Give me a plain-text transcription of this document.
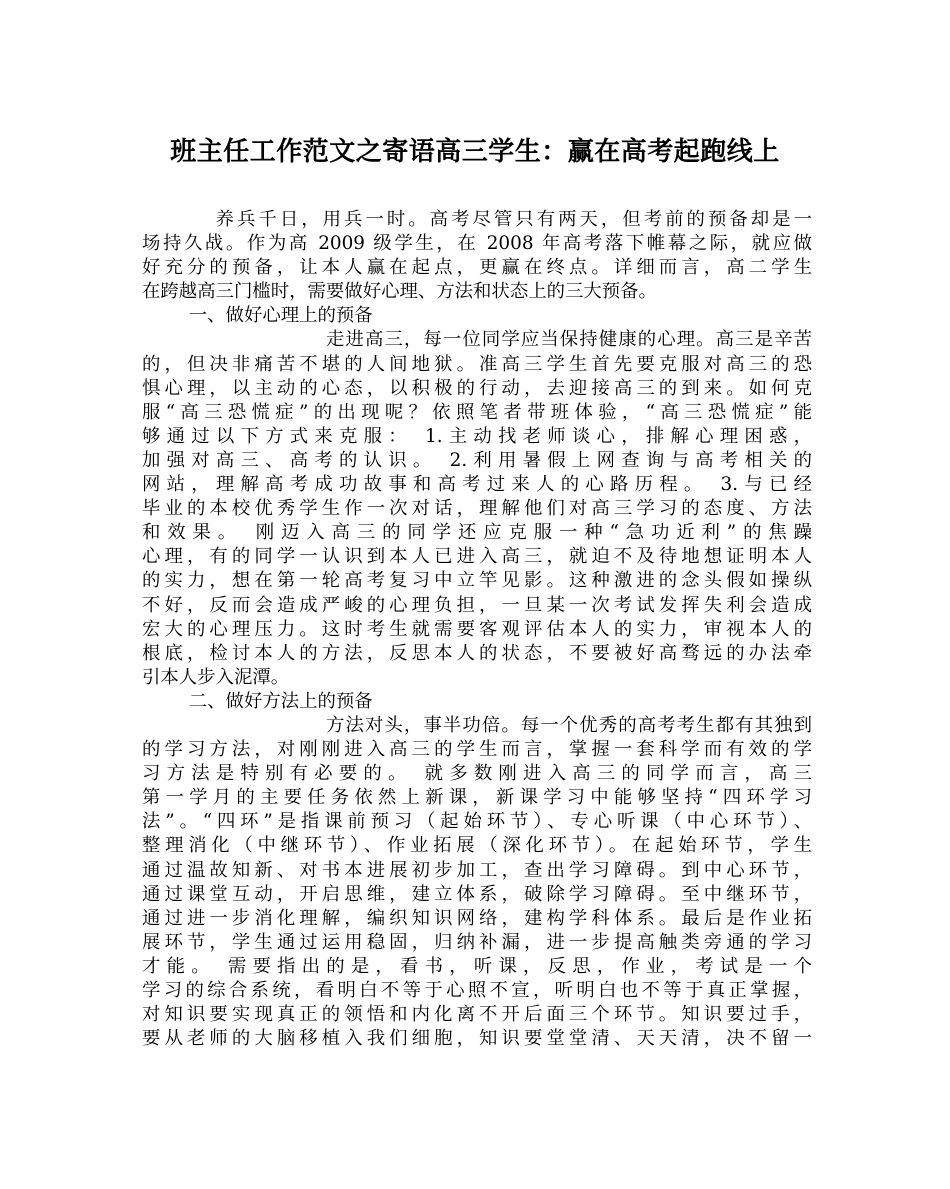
班主任工作范文之寄语高三学生：赢在高考起跑线上
养兵千日，用兵一时。高考尽管只有两天，但考前的预备却是一
场持久战。作为高 2009 级学生，在 2008 年高考落下帷幕之际，就应做
好充分的预备，让本人赢在起点，更赢在终点。详细而言，高二学生
在跨越高三门槛时，需要做好心理、方法和状态上的三大预备。
一、做好心理上的预备
走进高三，每一位同学应当保持健康的心理。高三是辛苦
的，但决非痛苦不堪的人间地狱。准高三学生首先要克服对高三的恐
惧心理，以主动的心态，以积极的行动，去迎接高三的到来。如何克
服“高三恐慌症”的出现呢？依照笔者带班体验，“高三恐慌症”能
够通过以下方式来克服： 1.主动找老师谈心，排解心理困惑，
加强对高三、高考的认识。 2.利用暑假上网查询与高考相关的
网站，理解高考成功故事和高考过来人的心路历程。 3.与已经
毕业的本校优秀学生作一次对话，理解他们对高三学习的态度、方法
和效果。 刚迈入高三的同学还应克服一种“急功近利”的焦躁
心理，有的同学一认识到本人已进入高三，就迫不及待地想证明本人
的实力，想在第一轮高考复习中立竿见影。这种激进的念头假如操纵
不好，反而会造成严峻的心理负担，一旦某一次考试发挥失利会造成
宏大的心理压力。这时考生就需要客观评估本人的实力，审视本人的
根底，检讨本人的方法，反思本人的状态，不要被好高骛远的办法牵
引本人步入泥潭。
二、做好方法上的预备
方法对头，事半功倍。每一个优秀的高考考生都有其独到
的学习方法，对刚刚进入高三的学生而言，掌握一套科学而有效的学
习方法是特别有必要的。 就多数刚进入高三的同学而言，高三
第一学月的主要任务依然上新课，新课学习中能够坚持“四环学习
法”。“四环”是指课前预习（起始环节）、专心听课（中心环节）、
整理消化（中继环节）、作业拓展（深化环节）。在起始环节，学生
通过温故知新、对书本进展初步加工，查出学习障碍。到中心环节，
通过课堂互动，开启思维，建立体系，破除学习障碍。至中继环节，
通过进一步消化理解，编织知识网络，建构学科体系。最后是作业拓
展环节，学生通过运用稳固，归纳补漏，进一步提高触类旁通的学习
才能。 需要指出的是，看书，听课，反思，作业，考试是一个
学习的综合系统，看明白不等于心照不宣，听明白也不等于真正掌握，
对知识要实现真正的领悟和内化离不开后面三个环节。知识要过手，
要从老师的大脑移植入我们细胞，知识要堂堂清、天天清，决不留一
